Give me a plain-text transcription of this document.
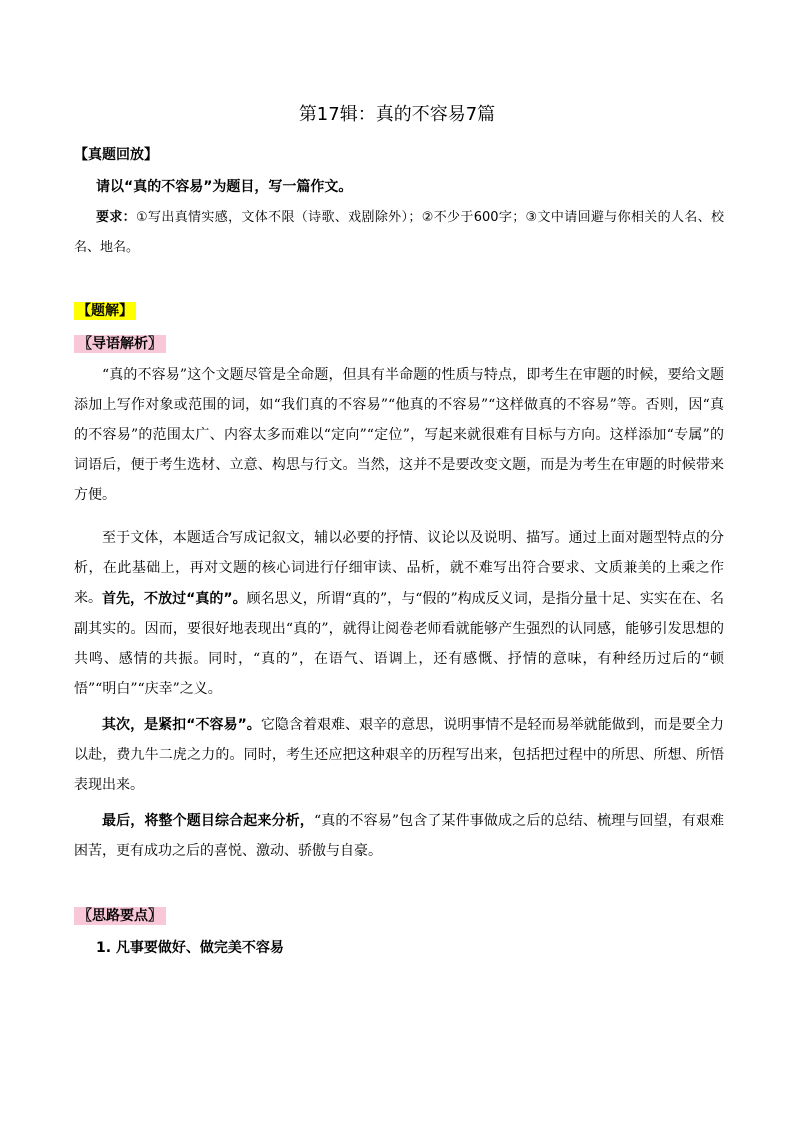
第17辑：真的不容易7篇
【真题回放】
请以“真的不容易”为题目，写一篇作文。
要求：①写出真情实感，文体不限（诗歌、戏剧除外）；②不少于600字；③文中请回避与你相关的人名、校名、地名。
【题解】
〖导语解析〗
“真的不容易”这个文题尽管是全命题，但具有半命题的性质与特点，即考生在审题的时候，要给文题添加上写作对象或范围的词，如“我们真的不容易”“他真的不容易”“这样做真的不容易”等。否则，因“真的不容易”的范围太广、内容太多而难以“定向”“定位”，写起来就很难有目标与方向。这样添加“专属”的词语后，便于考生选材、立意、构思与行文。当然，这并不是要改变文题，而是为考生在审题的时候带来方便。
至于文体，本题适合写成记叙文，辅以必要的抒情、议论以及说明、描写。通过上面对题型特点的分析，在此基础上，再对文题的核心词进行仔细审读、品析，就不难写出符合要求、文质兼美的上乘之作来。 首先，不放过“真的”。顾名思义，所谓“真的”，与“假的”构成反义词，是指分量十足、实实在在、名副其实的。因而，要很好地表现出“真的”，就得让阅卷老师看就能够产生强烈的认同感，能够引发思想的共鸣、感情的共振。同时，“真的”，在语气、语调上，还有感慨、抒情的意味，有种经历过后的“顿悟”“明白”“庆幸”之义。
其次，是紧扣“不容易”。它隐含着艰难、艰辛的意思，说明事情不是轻而易举就能做到，而是要全力以赴，费九牛二虎之力的。同时，考生还应把这种艰辛的历程写出来，包括把过程中的所思、所想、所悟表现出来。
最后，将整个题目综合起来分析，“真的不容易”包含了某件事做成之后的总结、梳理与回望，有艰难困苦，更有成功之后的喜悦、激动、骄傲与自豪。
〖思路要点〗
1. 凡事要做好、做完美不容易
